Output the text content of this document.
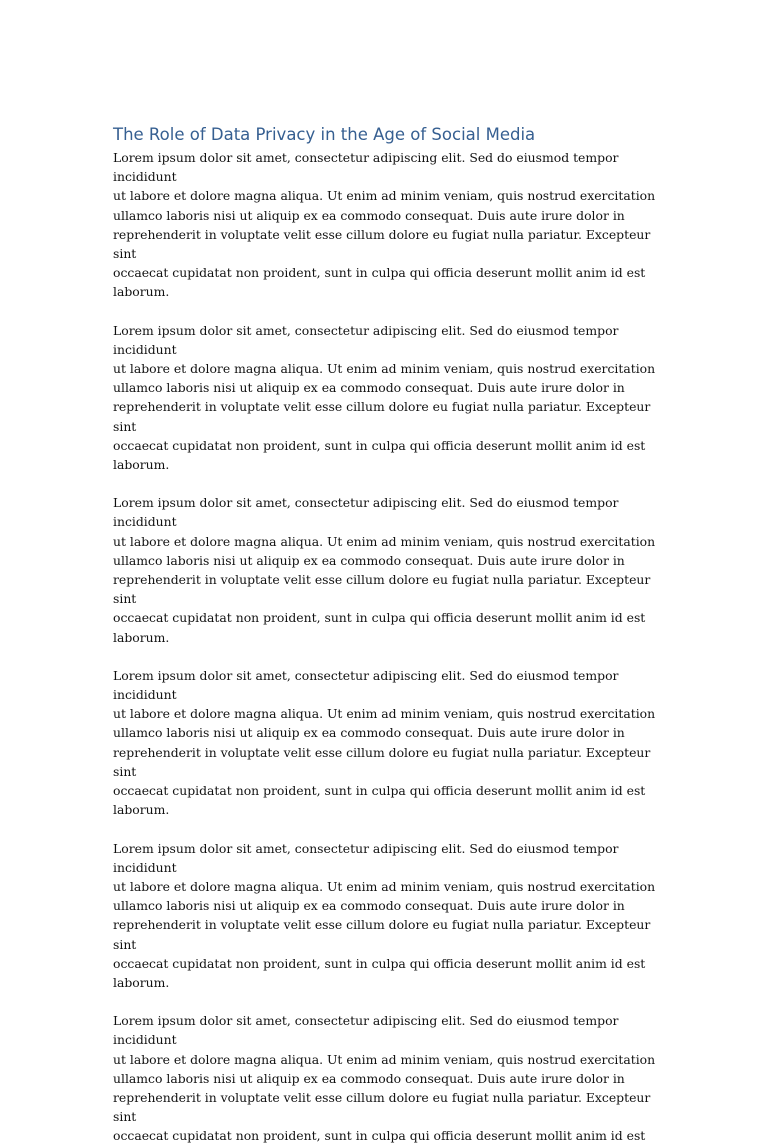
The Role of Data Privacy in the Age of Social Media

Lorem ipsum dolor sit amet, consectetur adipiscing elit. Sed do eiusmod tempor incididunt
ut labore et dolore magna aliqua. Ut enim ad minim veniam, quis nostrud exercitation
ullamco laboris nisi ut aliquip ex ea commodo consequat. Duis aute irure dolor in
reprehenderit in voluptate velit esse cillum dolore eu fugiat nulla pariatur. Excepteur sint
occaecat cupidatat non proident, sunt in culpa qui officia deserunt mollit anim id est
laborum.

Lorem ipsum dolor sit amet, consectetur adipiscing elit. Sed do eiusmod tempor incididunt
ut labore et dolore magna aliqua. Ut enim ad minim veniam, quis nostrud exercitation
ullamco laboris nisi ut aliquip ex ea commodo consequat. Duis aute irure dolor in
reprehenderit in voluptate velit esse cillum dolore eu fugiat nulla pariatur. Excepteur sint
occaecat cupidatat non proident, sunt in culpa qui officia deserunt mollit anim id est
laborum.

Lorem ipsum dolor sit amet, consectetur adipiscing elit. Sed do eiusmod tempor incididunt
ut labore et dolore magna aliqua. Ut enim ad minim veniam, quis nostrud exercitation
ullamco laboris nisi ut aliquip ex ea commodo consequat. Duis aute irure dolor in
reprehenderit in voluptate velit esse cillum dolore eu fugiat nulla pariatur. Excepteur sint
occaecat cupidatat non proident, sunt in culpa qui officia deserunt mollit anim id est
laborum.

Lorem ipsum dolor sit amet, consectetur adipiscing elit. Sed do eiusmod tempor incididunt
ut labore et dolore magna aliqua. Ut enim ad minim veniam, quis nostrud exercitation
ullamco laboris nisi ut aliquip ex ea commodo consequat. Duis aute irure dolor in
reprehenderit in voluptate velit esse cillum dolore eu fugiat nulla pariatur. Excepteur sint
occaecat cupidatat non proident, sunt in culpa qui officia deserunt mollit anim id est
laborum.

Lorem ipsum dolor sit amet, consectetur adipiscing elit. Sed do eiusmod tempor incididunt
ut labore et dolore magna aliqua. Ut enim ad minim veniam, quis nostrud exercitation
ullamco laboris nisi ut aliquip ex ea commodo consequat. Duis aute irure dolor in
reprehenderit in voluptate velit esse cillum dolore eu fugiat nulla pariatur. Excepteur sint
occaecat cupidatat non proident, sunt in culpa qui officia deserunt mollit anim id est
laborum.

Lorem ipsum dolor sit amet, consectetur adipiscing elit. Sed do eiusmod tempor incididunt
ut labore et dolore magna aliqua. Ut enim ad minim veniam, quis nostrud exercitation
ullamco laboris nisi ut aliquip ex ea commodo consequat. Duis aute irure dolor in
reprehenderit in voluptate velit esse cillum dolore eu fugiat nulla pariatur. Excepteur sint
occaecat cupidatat non proident, sunt in culpa qui officia deserunt mollit anim id est
